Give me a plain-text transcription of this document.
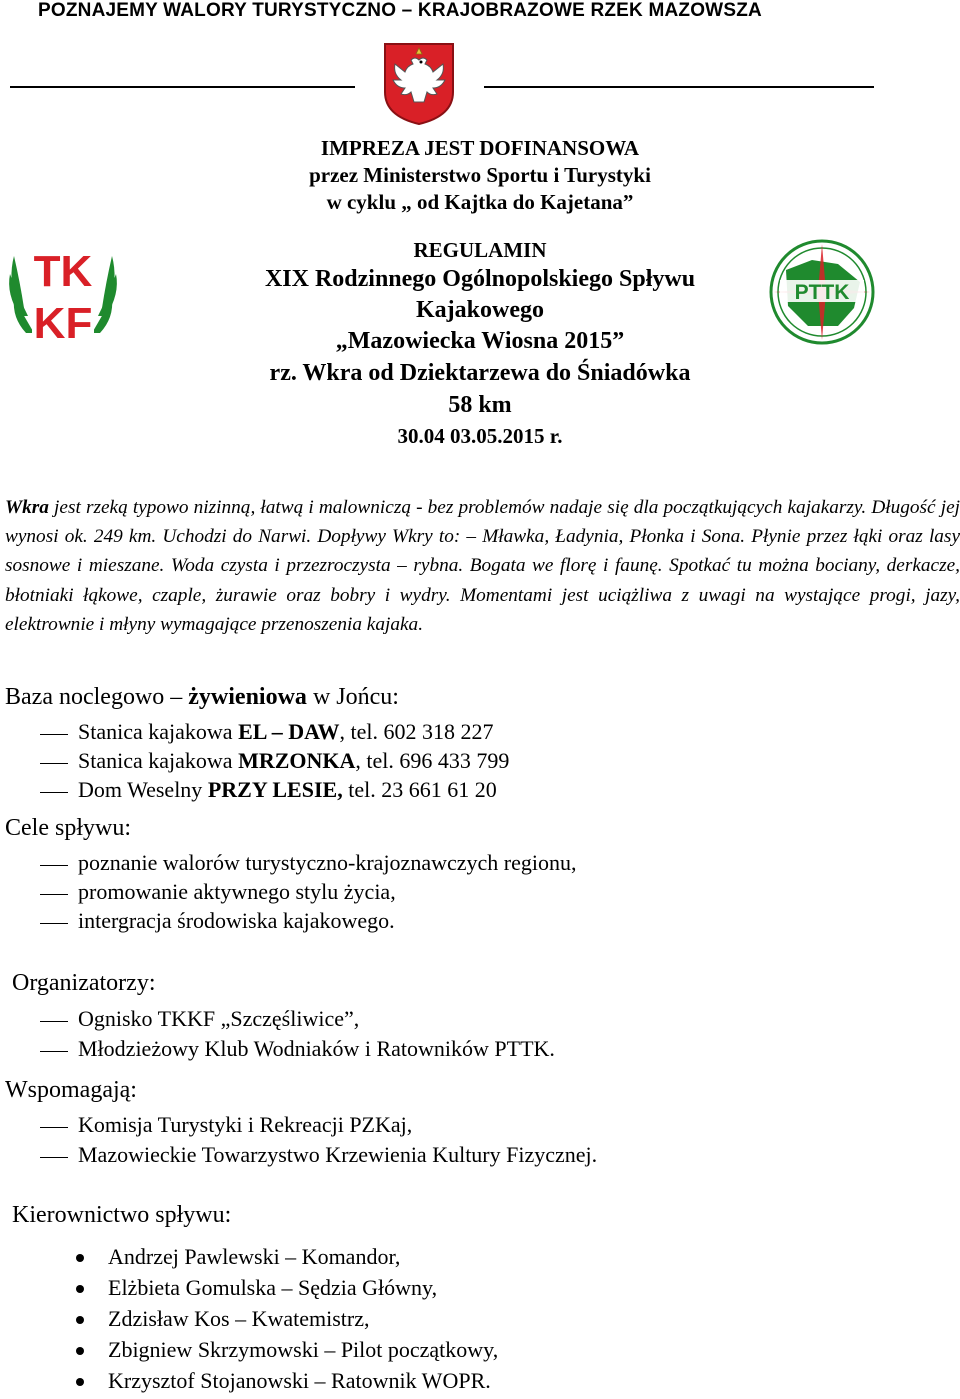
POZNAJEMY WALORY TURYSTYCZNO – KRAJOBRAZOWE RZEK MAZOWSZA

IMPREZA JEST DOFINANSOWA

przez Ministerstwo Sportu i Turystyki

w cyklu „ od Kajtka do Kajetana”

TK
KF
PTTK

REGULAMIN

XIX Rodzinnego Ogólnopolskiego Spływu

Kajakowego

„Mazowiecka Wiosna 2015”

rz. Wkra od Dziektarzewa do Śniadówka

58 km

30.04 03.05.2015 r.

Wkra jest rzeką typowo nizinną, łatwą i malowniczą - bez problemów nadaje się dla początkujących kajakarzy. Długość jej wynosi ok. 249 km. Uchodzi do Narwi. Dopływy Wkry to: – Mławka, Ładynia, Płonka i Sona. Płynie przez łąki oraz lasy sosnowe i mieszane. Woda czysta i przezroczysta – rybna. Bogata we florę i faunę. Spotkać tu można bociany, derkacze, błotniaki łąkowe, czaple, żurawie oraz bobry i wydry. Momentami jest uciążliwa z uwagi na wystające progi, jazy, elektrownie i młyny wymagające przenoszenia kajaka.

Baza noclegowo – żywieniowa w Jońcu:
Stanica kajakowa EL – DAW, tel. 602 318 227
Stanica kajakowa MRZONKA, tel. 696 433 799
Dom Weselny PRZY LESIE, tel. 23 661 61 20
Cele spływu:
poznanie walorów turystyczno-krajoznawczych regionu,
promowanie aktywnego stylu życia,
intergracja środowiska kajakowego.
Organizatorzy:
Ognisko TKKF „Szczęśliwice”,
Młodzieżowy Klub Wodniaków i Ratowników PTTK.
Wspomagają:
Komisja Turystyki i Rekreacji PZKaj,
Mazowieckie Towarzystwo Krzewienia Kultury Fizycznej.
Kierownictwo spływu:
Andrzej Pawlewski – Komandor,
Elżbieta Gomulska – Sędzia Główny,
Zdzisław Kos – Kwatemistrz,
Zbigniew Skrzymowski – Pilot początkowy,
Krzysztof Stojanowski – Ratownik WOPR.
